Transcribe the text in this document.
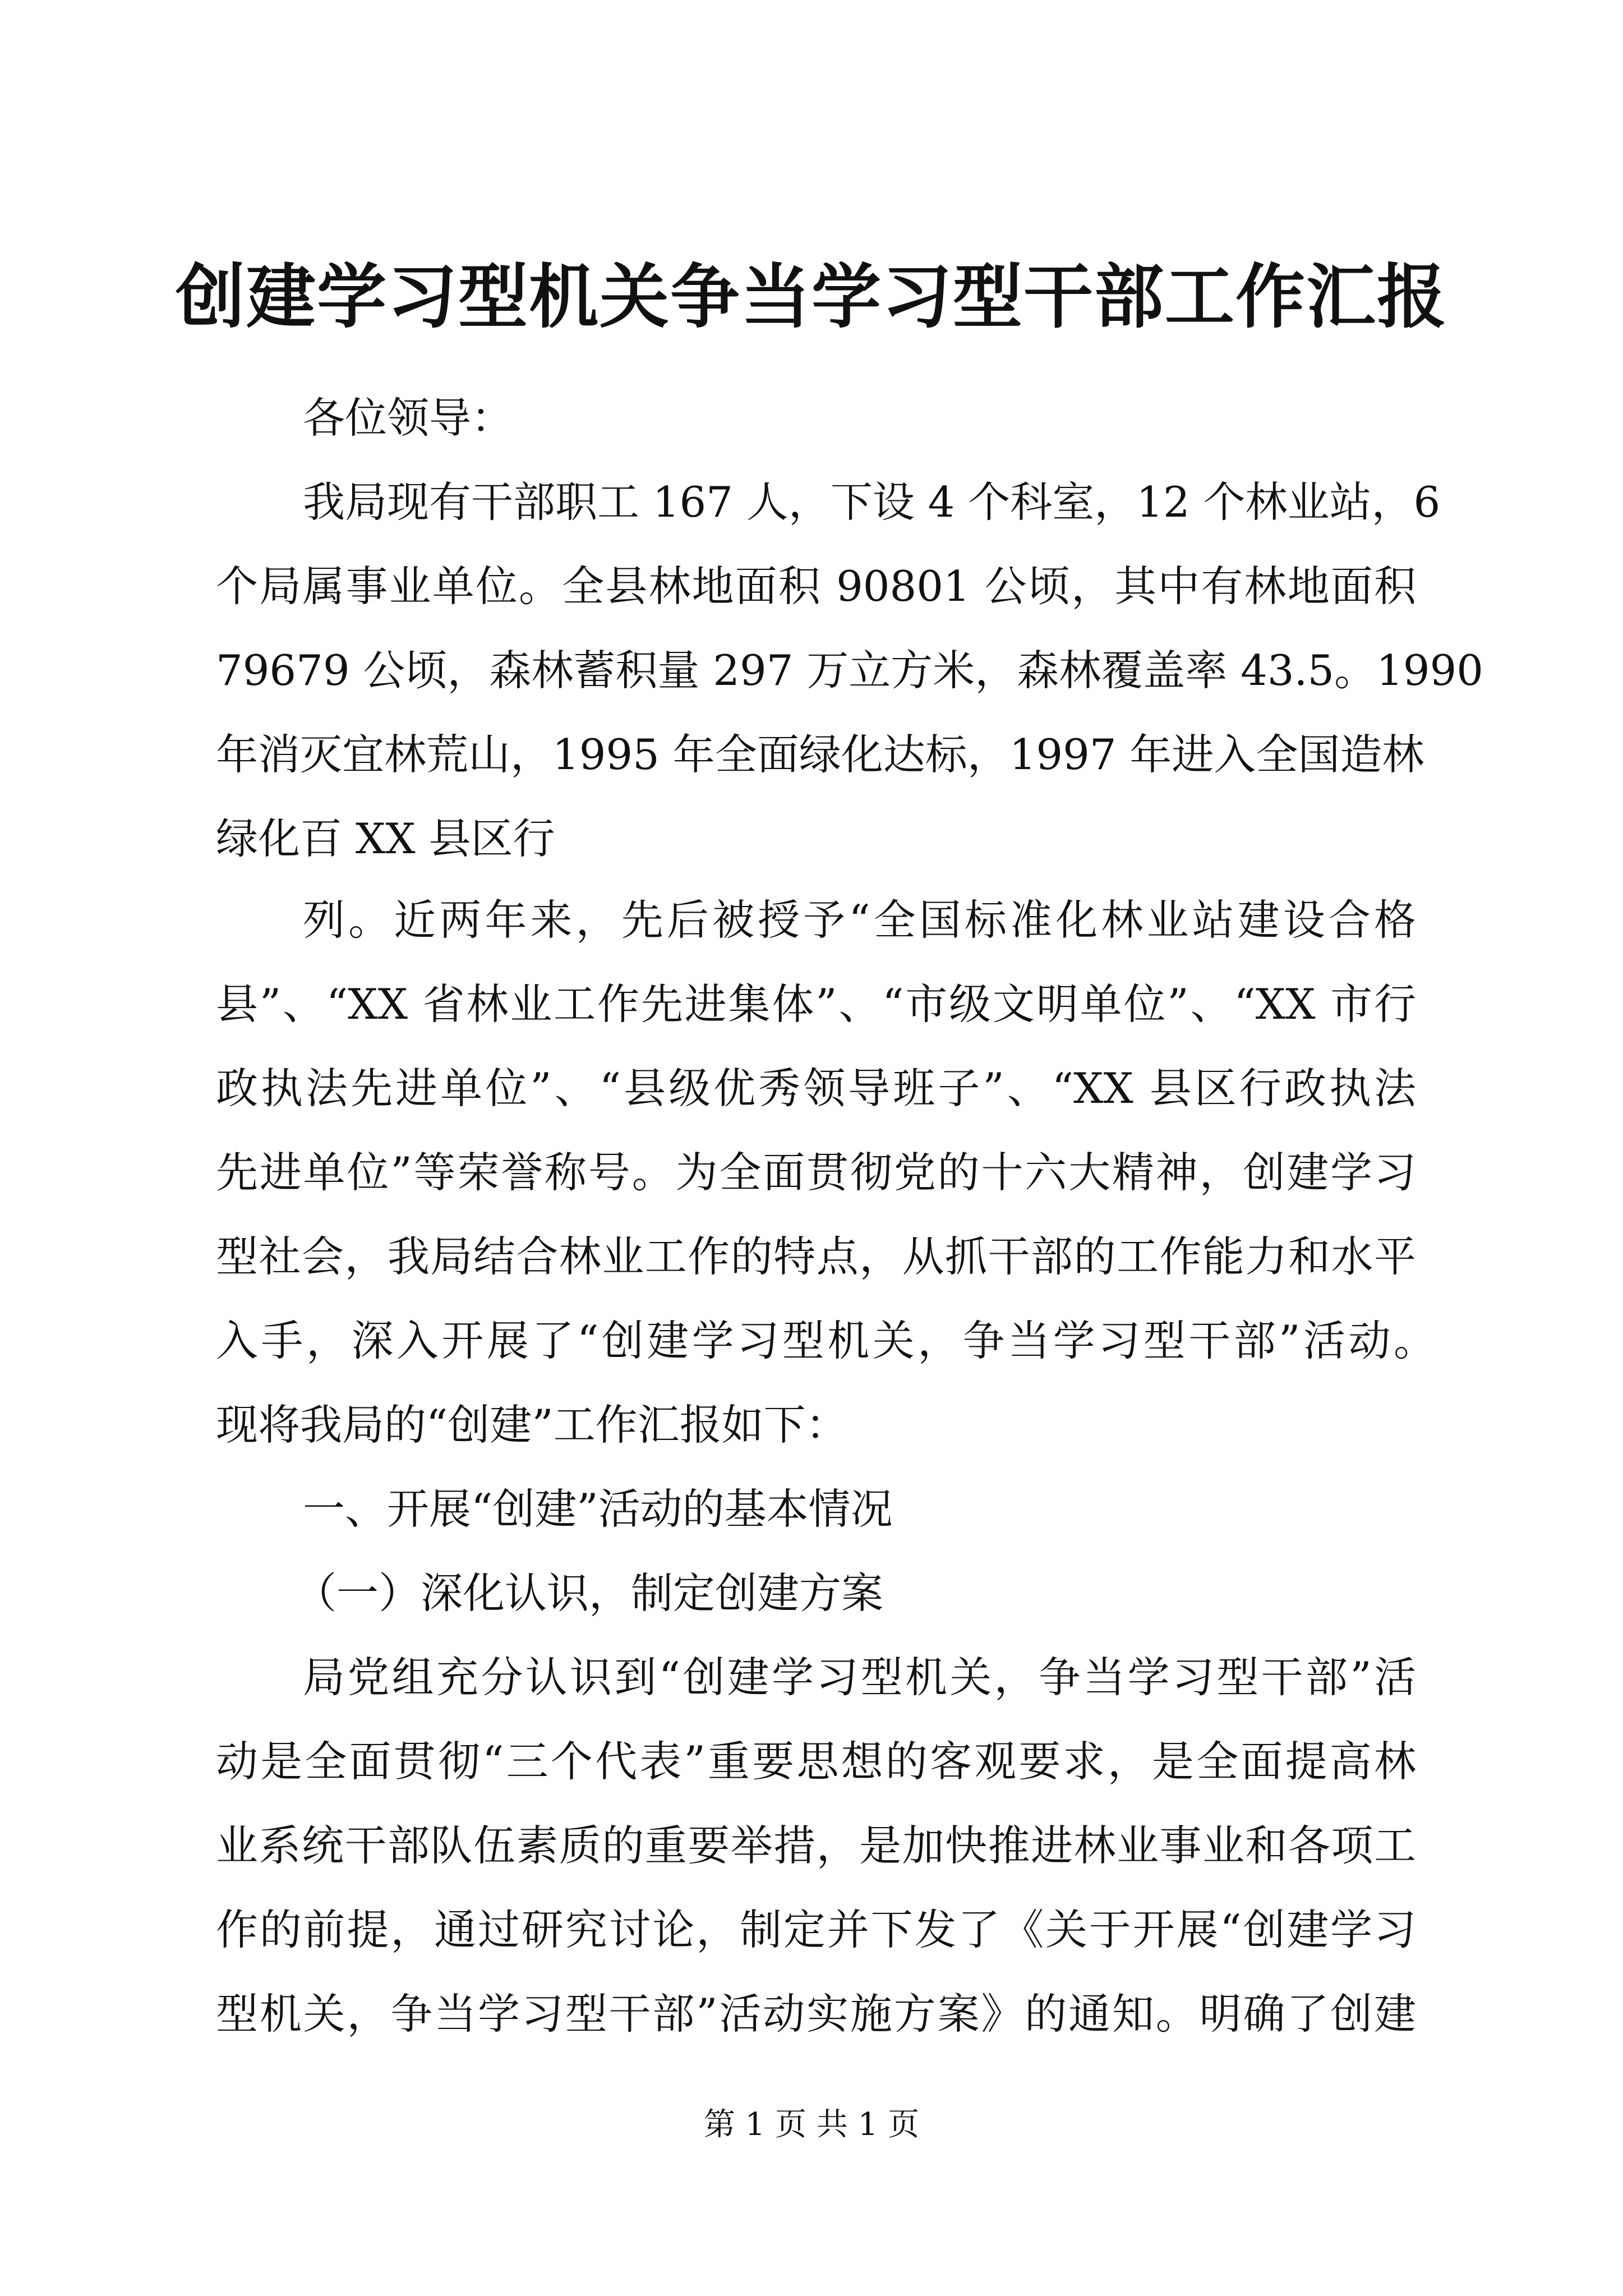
创建学习型机关争当学习型干部工作汇报
各位领导：
我局现有干部职工 167 人，下设 4 个科室，12 个林业站，6
个局属事业单位。全县林地面积 90801 公顷，其中有林地面积
79679 公顷，森林蓄积量 297 万立方米，森林覆盖率 43.5。1990
年消灭宜林荒山，1995 年全面绿化达标，1997 年进入全国造林
绿化百 XX 县区行
列。近两年来，先后被授予“全国标准化林业站建设合格
县”、“XX 省林业工作先进集体”、“市级文明单位”、“XX 市行
政执法先进单位”、“县级优秀领导班子”、“XX 县区行政执法
先进单位”等荣誉称号。为全面贯彻党的十六大精神，创建学习
型社会，我局结合林业工作的特点，从抓干部的工作能力和水平
入手，深入开展了“创建学习型机关，争当学习型干部”活动。
现将我局的“创建”工作汇报如下：
一、开展“创建”活动的基本情况
（一）深化认识，制定创建方案
局党组充分认识到“创建学习型机关，争当学习型干部”活
动是全面贯彻“三个代表”重要思想的客观要求，是全面提高林
业系统干部队伍素质的重要举措，是加快推进林业事业和各项工
作的前提，通过研究讨论，制定并下发了《关于开展“创建学习
型机关，争当学习型干部”活动实施方案》的通知。明确了创建
第 1 页 共 1 页
